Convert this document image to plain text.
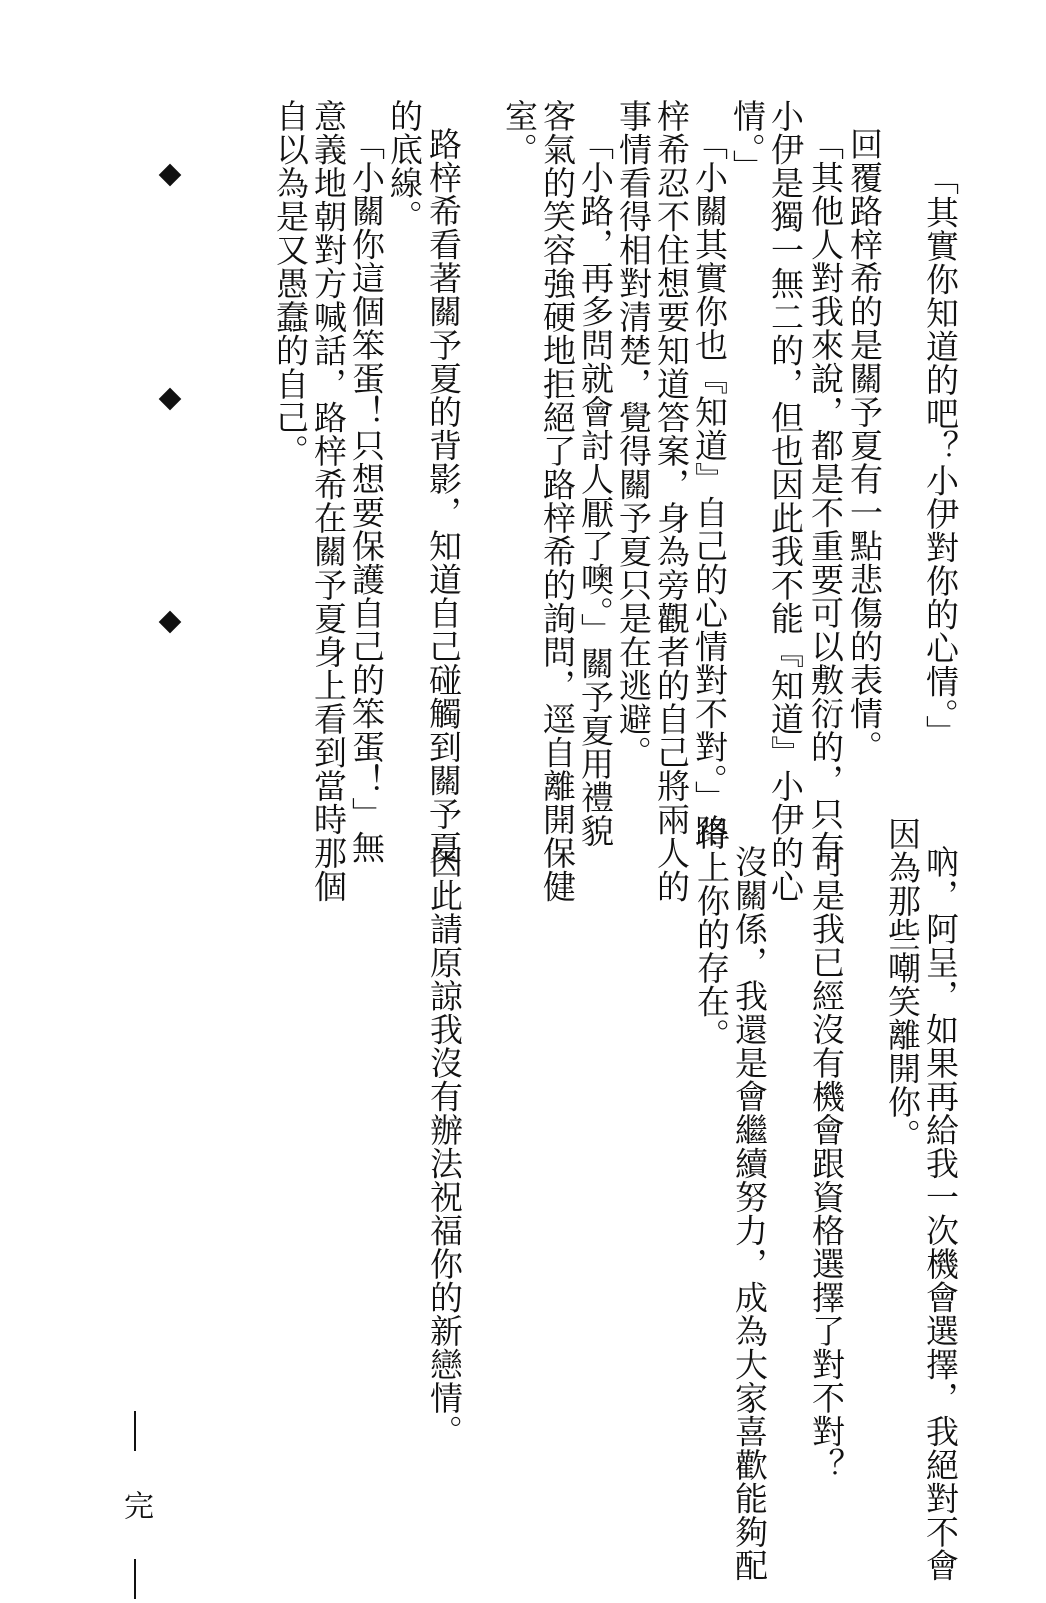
「其實你知道的吧？小伊對你的心情。」

回覆路梓希的是關予夏有一點悲傷的表情。

「其他人對我來說，都是不重要可以敷衍的，只有

小伊是獨一無二的，但也因此我不能『知道』小伊的心

情。」

「小關其實你也『知道』自己的心情對不對。」路

梓希忍不住想要知道答案，身為旁觀者的自己將兩人的

事情看得相對清楚，覺得關予夏只是在逃避。

「小路，再多問就會討人厭了噢。」關予夏用禮貌

客氣的笑容強硬地拒絕了路梓希的詢問，逕自離開保健

室。

路梓希看著關予夏的背影，知道自己碰觸到關予夏

的底線。

「小關你這個笨蛋！只想要保護自己的笨蛋！」無

意義地朝對方喊話，路梓希在關予夏身上看到當時那個

自以為是又愚蠢的自己。

吶，阿呈，如果再給我一次機會選擇，我絕對不會

因為那些嘲笑離開你。

可是我已經沒有機會跟資格選擇了對不對？

沒關係，我還是會繼續努力，成為大家喜歡能夠配

得上你的存在。

因此請原諒我沒有辦法祝福你的新戀情。

完
